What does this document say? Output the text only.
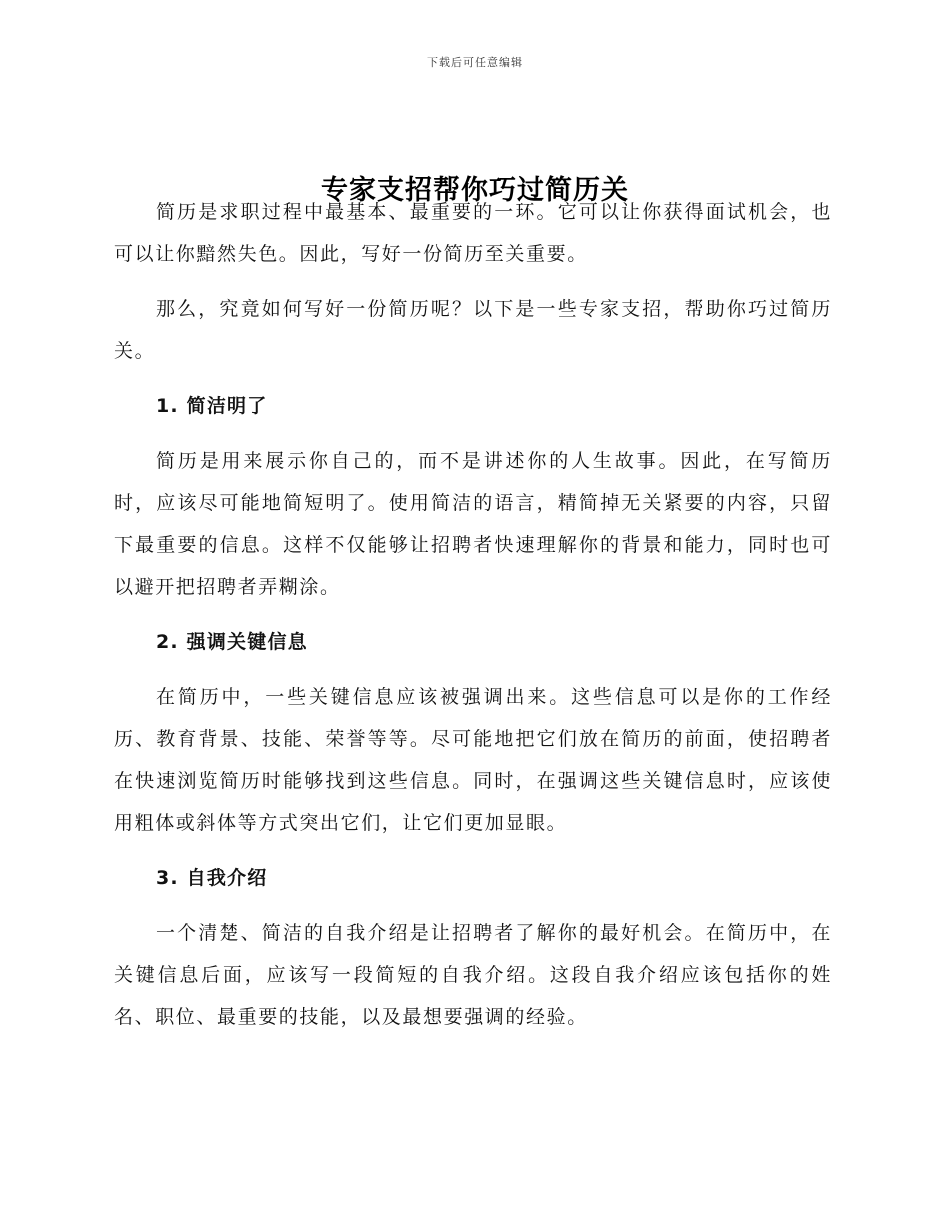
下载后可任意编辑
专家支招帮你巧过简历关

简历是求职过程中最基本、最重要的一环。它可以让你获得面试机会，也可以让你黯然失色。因此，写好一份简历至关重要。

那么，究竟如何写好一份简历呢？以下是一些专家支招，帮助你巧过简历关。

1. 简洁明了

简历是用来展示你自己的，而不是讲述你的人生故事。因此，在写简历时，应该尽可能地简短明了。使用简洁的语言，精简掉无关紧要的内容，只留下最重要的信息。这样不仅能够让招聘者快速理解你的背景和能力，同时也可以避开把招聘者弄糊涂。

2. 强调关键信息

在简历中，一些关键信息应该被强调出来。这些信息可以是你的工作经历、教育背景、技能、荣誉等等。尽可能地把它们放在简历的前面，使招聘者在快速浏览简历时能够找到这些信息。同时，在强调这些关键信息时，应该使用粗体或斜体等方式突出它们，让它们更加显眼。

3. 自我介绍

一个清楚、简洁的自我介绍是让招聘者了解你的最好机会。在简历中，在关键信息后面，应该写一段简短的自我介绍。这段自我介绍应该包括你的姓名、职位、最重要的技能，以及最想要强调的经验。
